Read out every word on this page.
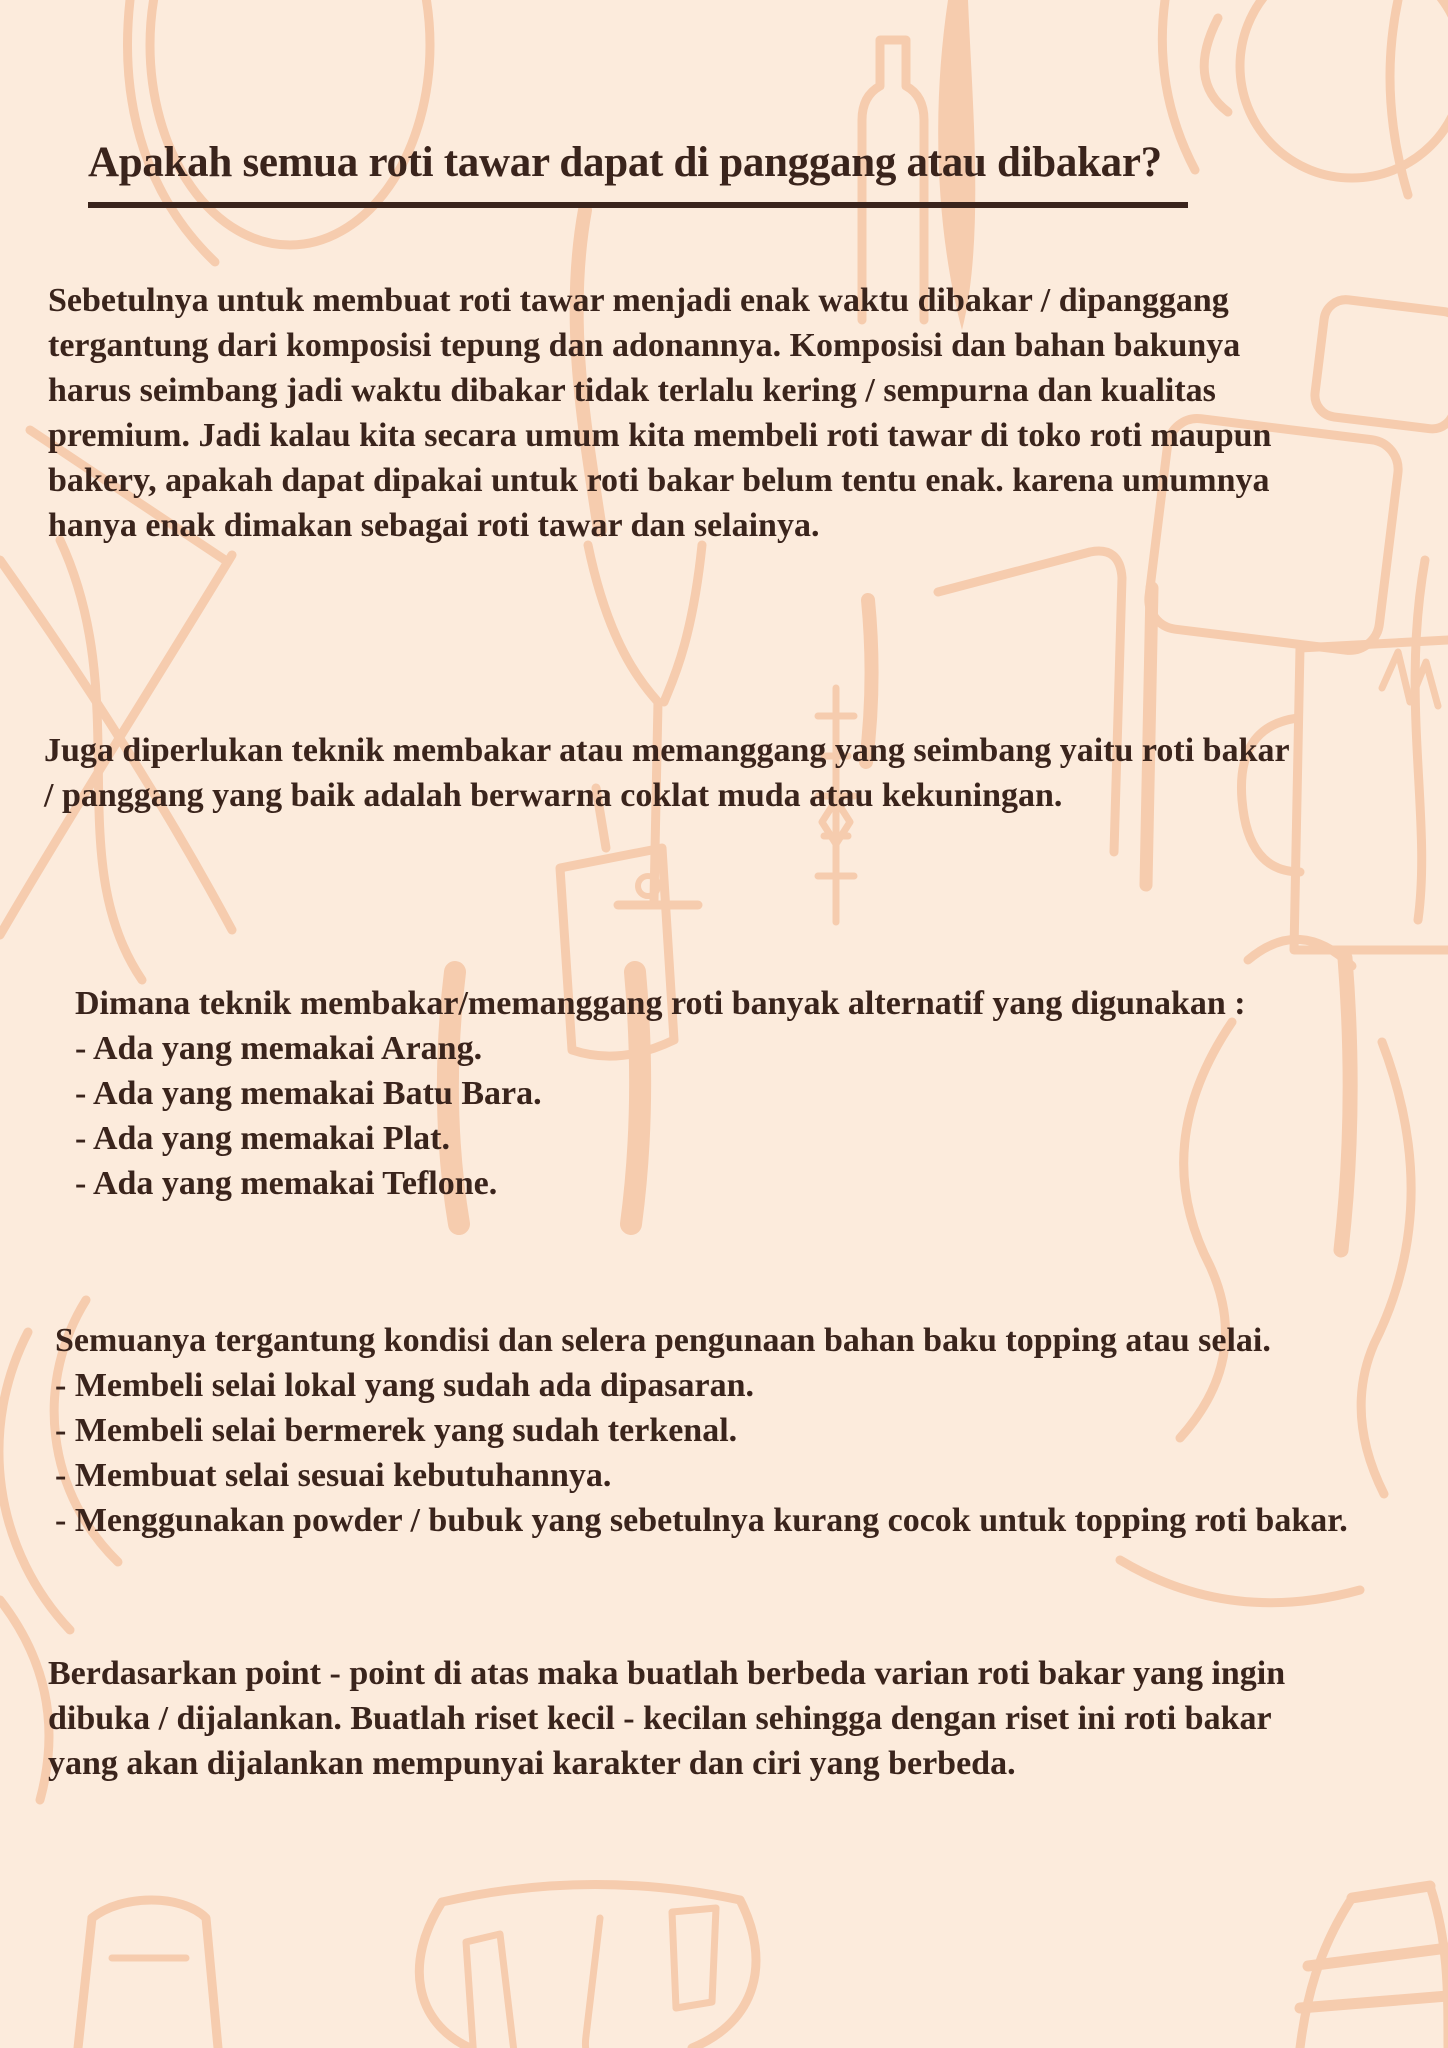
Apakah semua roti tawar dapat di panggang atau dibakar?
Sebetulnya untuk membuat roti tawar menjadi enak waktu dibakar / dipanggang
tergantung dari komposisi tepung dan adonannya. Komposisi dan bahan bakunya
harus seimbang jadi waktu dibakar tidak terlalu kering / sempurna dan kualitas
premium. Jadi kalau kita secara umum kita membeli roti tawar di toko roti maupun
bakery, apakah dapat dipakai untuk roti bakar belum tentu enak. karena umumnya
hanya enak dimakan sebagai roti tawar dan selainya.
Juga diperlukan teknik membakar atau memanggang yang seimbang yaitu roti bakar
/ panggang yang baik adalah berwarna coklat muda atau kekuningan.
Dimana teknik membakar/memanggang roti banyak alternatif yang digunakan :
- Ada yang memakai Arang.
- Ada yang memakai Batu Bara.
- Ada yang memakai Plat.
- Ada yang memakai Teflone.
Semuanya tergantung kondisi dan selera pengunaan bahan baku topping atau selai.
- Membeli selai lokal yang sudah ada dipasaran.
- Membeli selai bermerek yang sudah terkenal.
- Membuat selai sesuai kebutuhannya.
- Menggunakan powder / bubuk yang sebetulnya kurang cocok untuk topping roti bakar.
Berdasarkan point - point di atas maka buatlah berbeda varian roti bakar yang ingin
dibuka / dijalankan. Buatlah riset kecil - kecilan sehingga dengan riset ini roti bakar
yang akan dijalankan mempunyai karakter dan ciri yang berbeda.
